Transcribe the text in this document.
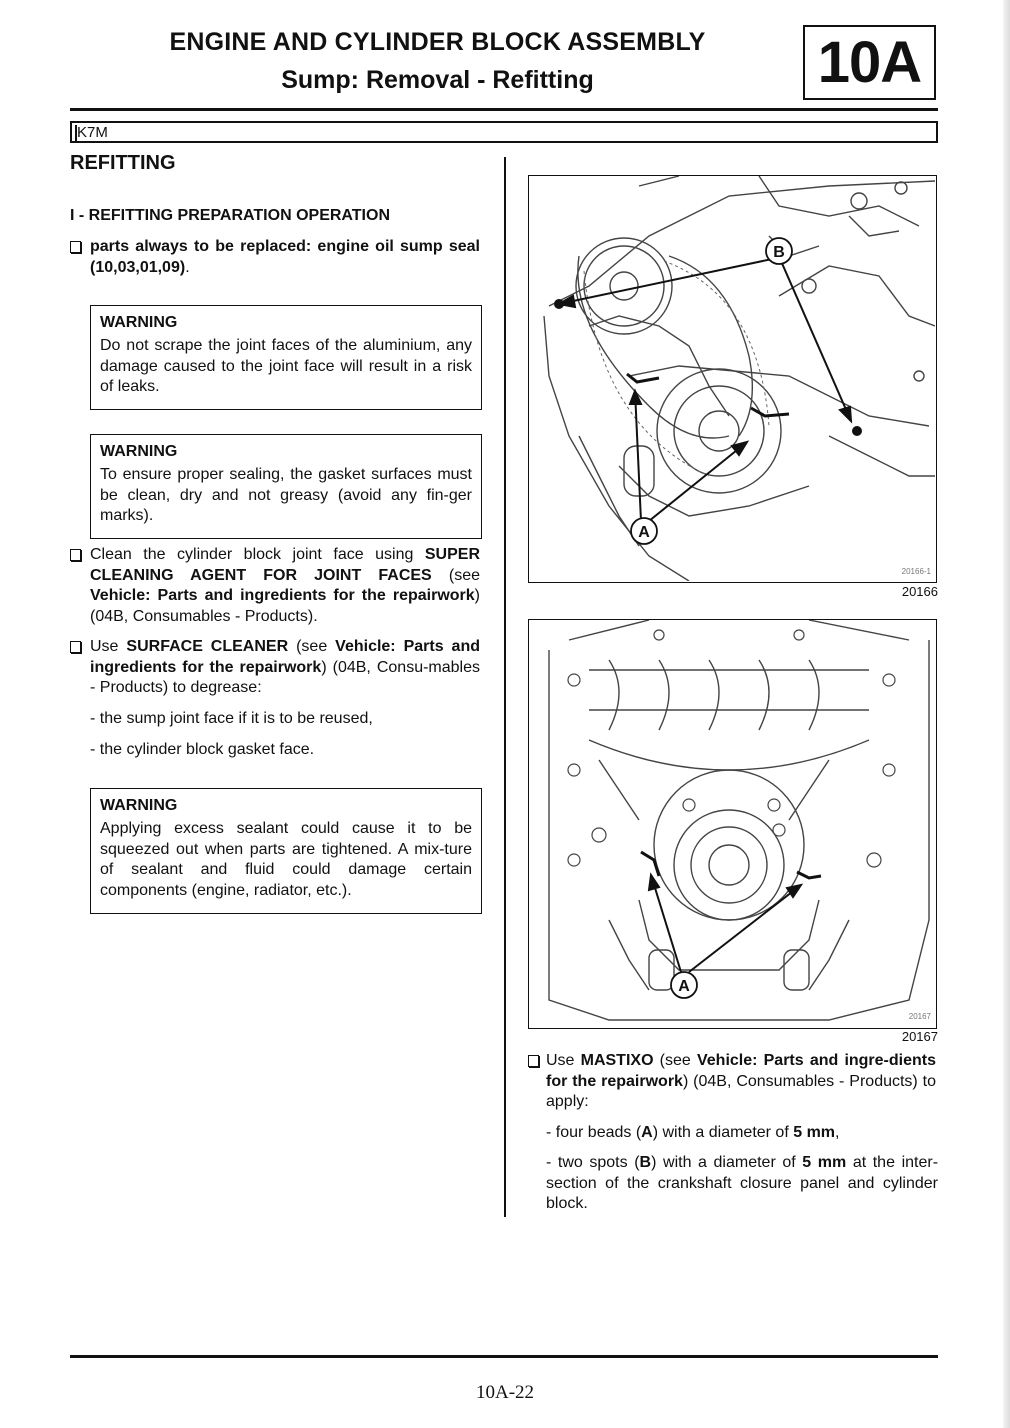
ENGINE AND CYLINDER BLOCK ASSEMBLY
Sump: Removal - Refitting	10A
K7M
REFITTING
I - REFITTING PREPARATION OPERATION
parts always to be replaced: engine oil sump seal (10,03,01,09).
WARNING
Do not scrape the joint faces of the aluminium, any damage caused to the joint face will result in a risk of leaks.
WARNING
To ensure proper sealing, the gasket surfaces must be clean, dry and not greasy (avoid any fin-ger marks).
Clean the cylinder block joint face using SUPER CLEANING AGENT FOR JOINT FACES (see Vehicle: Parts and ingredients for the repairwork) (04B, Consumables - Products).
Use SURFACE CLEANER (see Vehicle: Parts and ingredients for the repairwork) (04B, Consu-mables - Products) to degrease:
- the sump joint face if it is to be reused,
- the cylinder block gasket face.
WARNING
Applying excess sealant could cause it to be squeezed out when parts are tightened. A mix-ture of sealant and fluid could damage certain components (engine, radiator, etc.).
B
A
20166-1
20166
A
20167
20167
Use MASTIXO (see Vehicle: Parts and ingre-dients for the repairwork) (04B, Consumables - Products) to apply:
- four beads (A) with a diameter of 5 mm,
- two spots (B) with a diameter of 5 mm at the inter-section of the crankshaft closure panel and cylinder block.
10A-22
